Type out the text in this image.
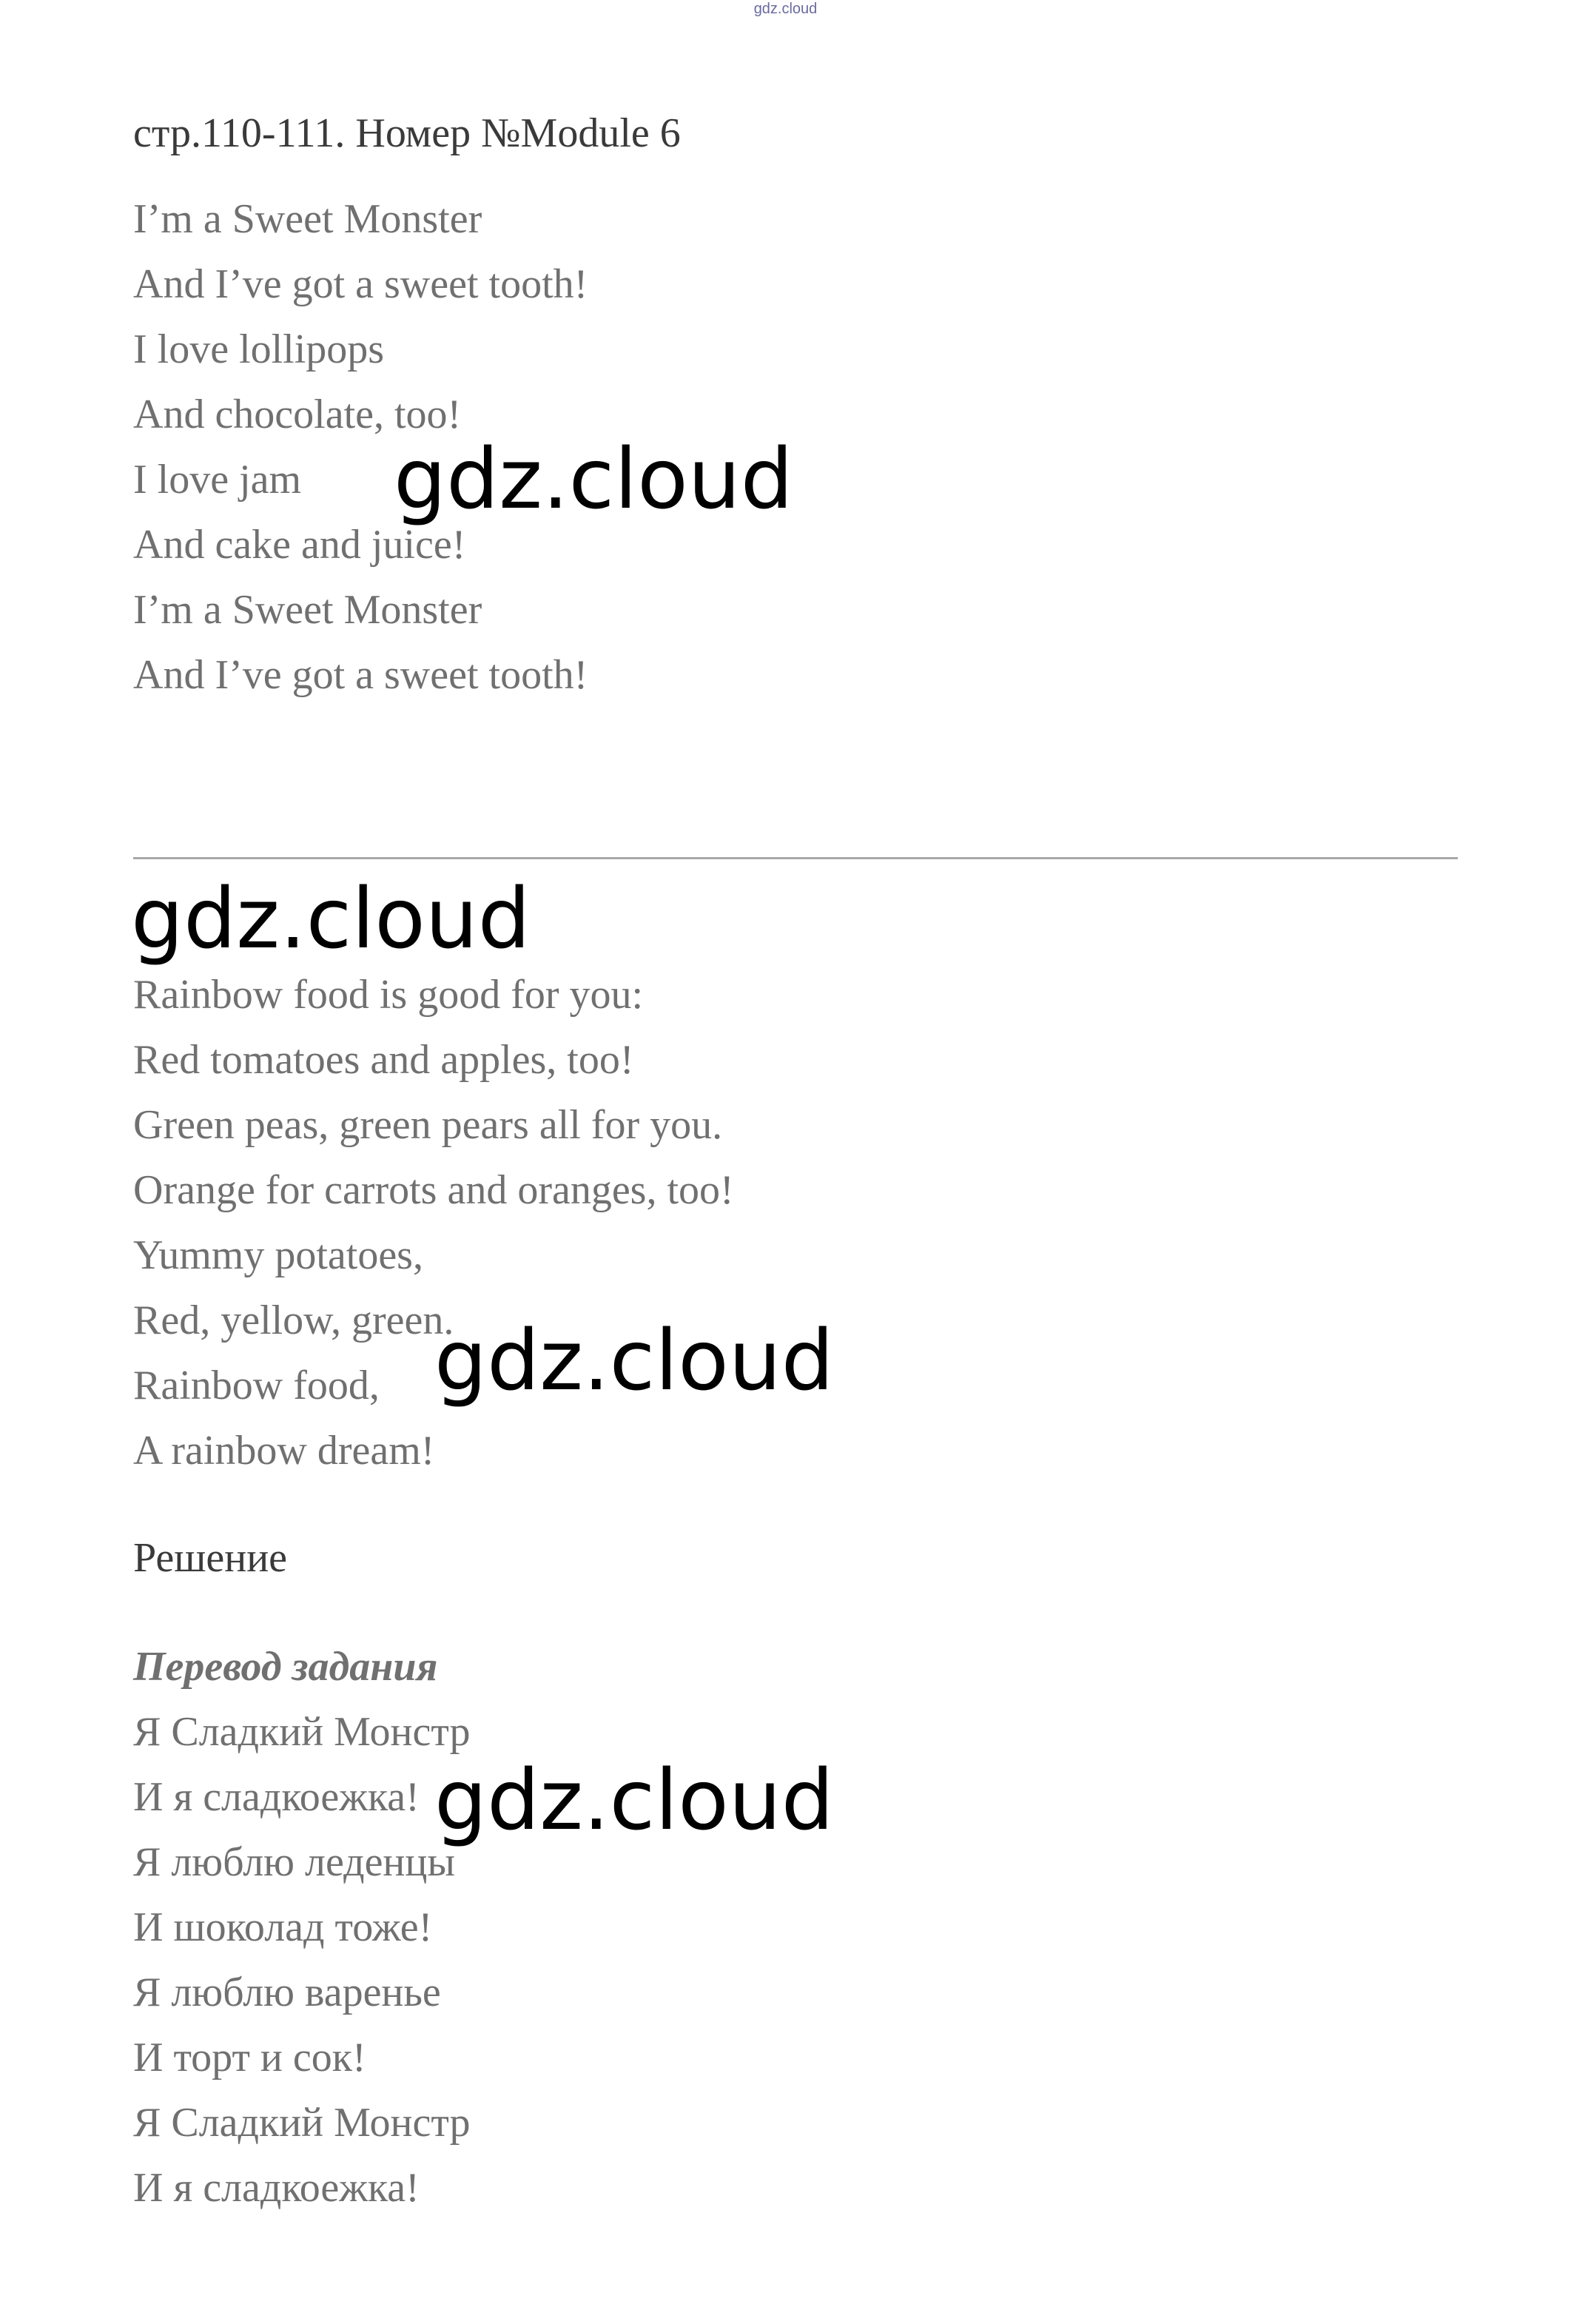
gdz.cloud
стр.110-111. Номер №Module 6
I’m a Sweet Monster
And I’ve got a sweet tooth!
I love lollipops
And chocolate, too!
I love jam
And cake and juice!
I’m a Sweet Monster
And I’ve got a sweet tooth!
Rainbow food is good for you:
Red tomatoes and apples, too!
Green peas, green pears all for you.
Orange for carrots and oranges, too!
Yummy potatoes,
Red, yellow, green.
Rainbow food,
A rainbow dream!
Решение
Перевод задания
Я Сладкий Монстр
И я сладкоежка!
Я люблю леденцы
И шоколад тоже!
Я люблю варенье
И торт и сок!
Я Сладкий Монстр
И я сладкоежка!
gdz.cloud
gdz.cloud
gdz.cloud
gdz.cloud
